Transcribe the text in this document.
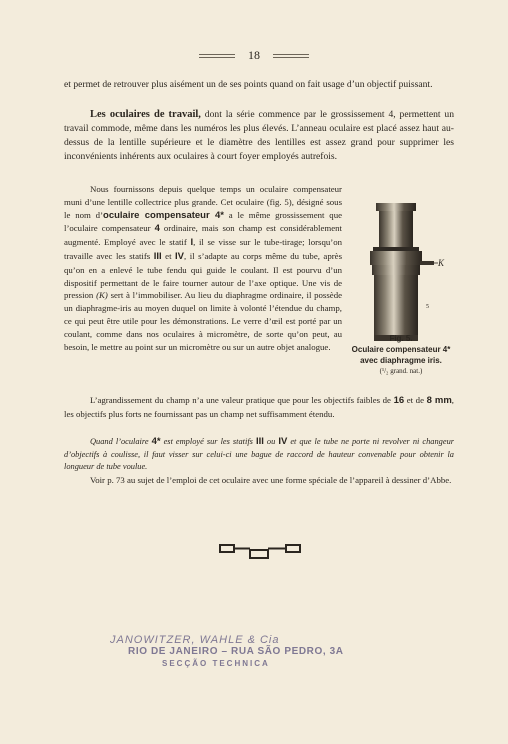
18

et permet de retrouver plus aisément un de ses points quand on fait usage d’un objectif puissant.

Les oculaires de travail, dont la série commence par le grossissement 4, permettent un travail commode, même dans les numéros les plus élevés. L’anneau oculaire est placé assez haut au-dessus de la lentille supérieure et le diamètre des lentilles est assez grand pour supprimer les inconvénients inhérents aux oculaires à court foyer employés autrefois.

Nous fournissons depuis quelque temps un oculaire compensateur muni d’une lentille collectrice plus grande. Cet oculaire (fig. 5), désigné sous le nom d’oculaire compensateur 4* a le même grossissement que l’oculaire compensateur 4 ordinaire, mais son champ est considérablement augmenté. Employé avec le statif I, il se visse sur le tube-tirage; lorsqu’on travaille avec les statifs III et IV, il s’adapte au corps même du tube, après qu’on en a enlevé le tube fendu qui guide le coulant. Il est pourvu d’un dispositif permettant de le faire tourner autour de l’axe optique. Une vis de pression (K) sert à l’immobiliser. Au lieu du diaphragme ordinaire, il possède un diaphragme-iris au moyen duquel on limite à volonté l’étendue du champ, ce qui peut être utile pour les démonstrations. Le verre d’œil est porté par un coulant, comme dans nos oculaires à micromètre, de sorte qu’on peut, au besoin, le mettre au point sur un micromètre ou sur un autre objet analogue.

K
5
Fig. 5.
Oculaire compensateur 4*
avec diaphragme iris.
(¹/₂ grand. nat.)

L’agrandissement du champ n’a une valeur pratique que pour les objectifs faibles de 16 et de 8 mm, les objectifs plus forts ne fournissant pas un champ net suffisamment étendu.

Quand l’oculaire 4* est employé sur les statifs III ou IV et que le tube ne porte ni revolver ni changeur d’objectifs à coulisse, il faut visser sur celui-ci une bague de raccord de hauteur convenable pour obtenir la longueur de tube voulue.

Voir p. 73 au sujet de l’emploi de cet oculaire avec une forme spéciale de l’appareil à dessiner d’Abbe.

JANOWITZER, WAHLE & Cia
RIO DE JANEIRO – RUA SÃO PEDRO, 3A
SECÇÃO TECHNICA
